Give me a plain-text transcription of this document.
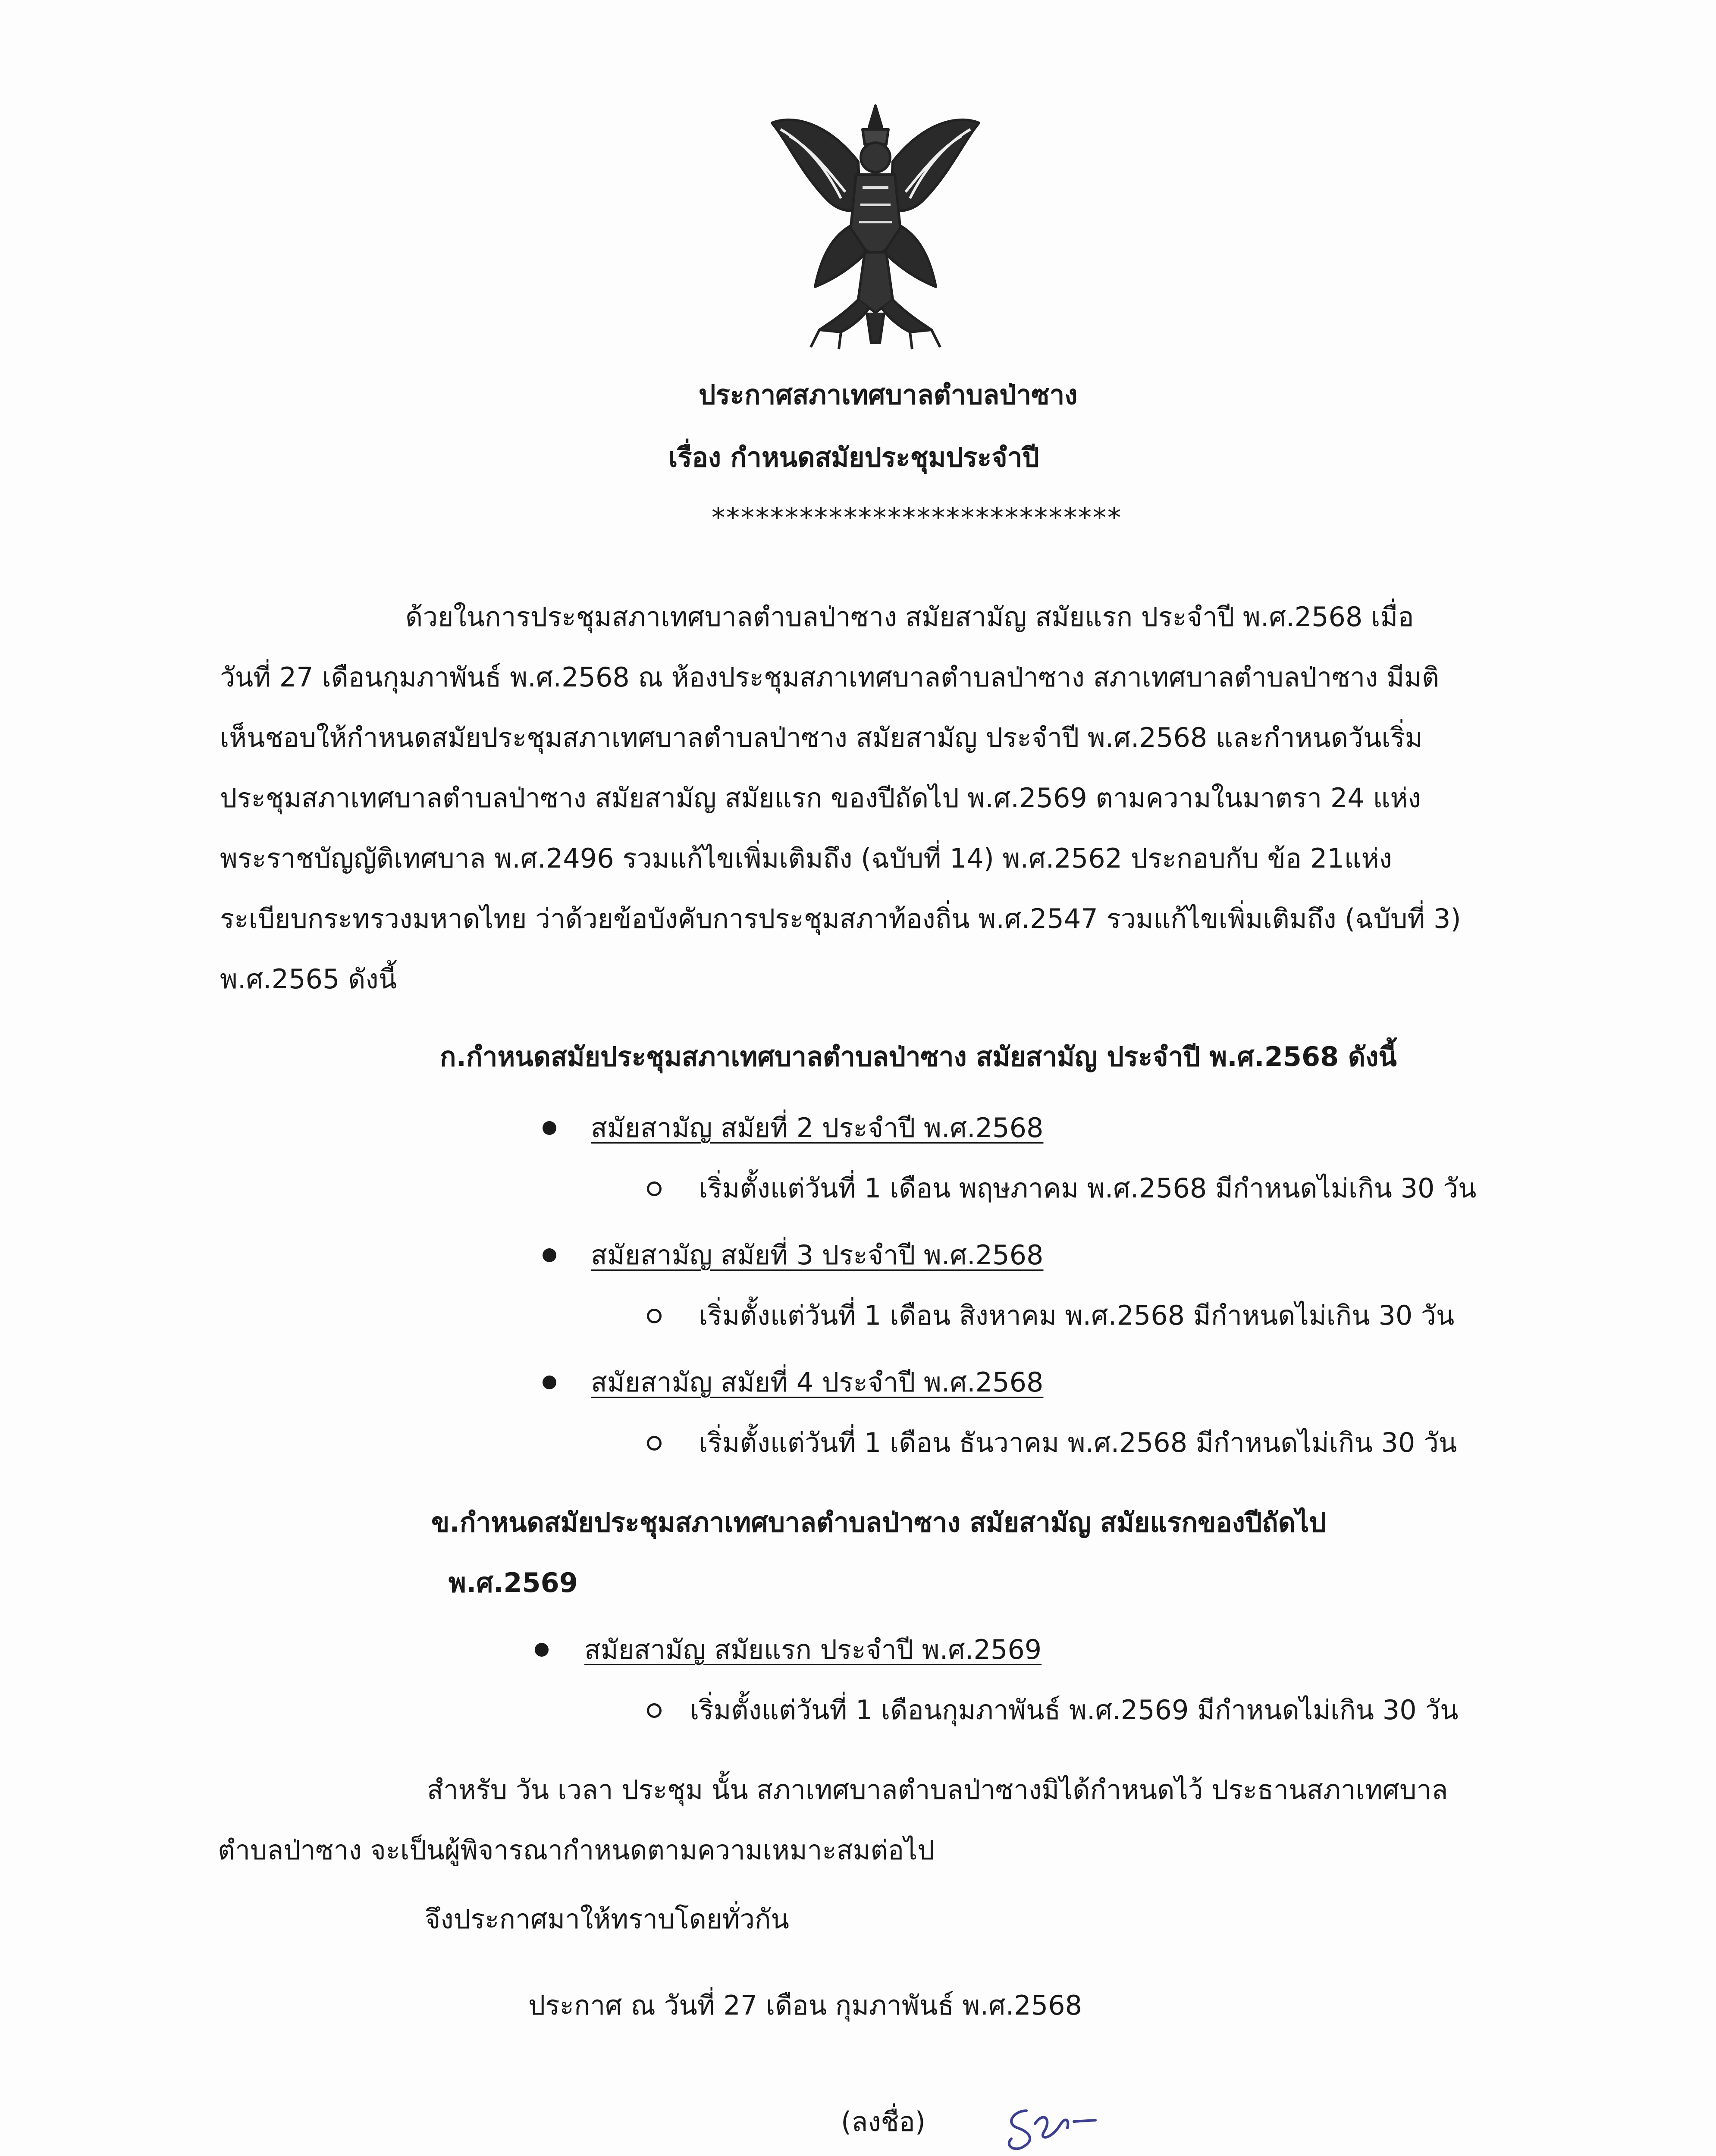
ประกาศสภาเทศบาลตำบลป่าซาง
เรื่อง กำหนดสมัยประชุมประจำปี
****************************
ด้วยในการประชุมสภาเทศบาลตำบลป่าซาง สมัยสามัญ สมัยแรก ประจำปี พ.ศ.2568 เมื่อ
วันที่ 27 เดือนกุมภาพันธ์ พ.ศ.2568 ณ ห้องประชุมสภาเทศบาลตำบลป่าซาง สภาเทศบาลตำบลป่าซาง มีมติ
เห็นชอบให้กำหนดสมัยประชุมสภาเทศบาลตำบลป่าซาง สมัยสามัญ ประจำปี พ.ศ.2568 และกำหนดวันเริ่ม
ประชุมสภาเทศบาลตำบลป่าซาง สมัยสามัญ สมัยแรก ของปีถัดไป พ.ศ.2569 ตามความในมาตรา 24 แห่ง
พระราชบัญญัติเทศบาล พ.ศ.2496 รวมแก้ไขเพิ่มเติมถึง (ฉบับที่ 14) พ.ศ.2562 ประกอบกับ ข้อ 21แห่ง
ระเบียบกระทรวงมหาดไทย ว่าด้วยข้อบังคับการประชุมสภาท้องถิ่น พ.ศ.2547 รวมแก้ไขเพิ่มเติมถึง (ฉบับที่ 3)
พ.ศ.2565 ดังนี้
ก.กำหนดสมัยประชุมสภาเทศบาลตำบลป่าซาง สมัยสามัญ ประจำปี พ.ศ.2568 ดังนี้
สมัยสามัญ สมัยที่ 2 ประจำปี พ.ศ.2568
เริ่มตั้งแต่วันที่ 1 เดือน พฤษภาคม พ.ศ.2568 มีกำหนดไม่เกิน 30 วัน
สมัยสามัญ สมัยที่ 3 ประจำปี พ.ศ.2568
เริ่มตั้งแต่วันที่ 1 เดือน สิงหาคม พ.ศ.2568 มีกำหนดไม่เกิน 30 วัน
สมัยสามัญ สมัยที่ 4 ประจำปี พ.ศ.2568
เริ่มตั้งแต่วันที่ 1 เดือน ธันวาคม พ.ศ.2568 มีกำหนดไม่เกิน 30 วัน
ข.กำหนดสมัยประชุมสภาเทศบาลตำบลป่าซาง สมัยสามัญ สมัยแรกของปีถัดไป
พ.ศ.2569
สมัยสามัญ สมัยแรก ประจำปี พ.ศ.2569
เริ่มตั้งแต่วันที่ 1 เดือนกุมภาพันธ์ พ.ศ.2569 มีกำหนดไม่เกิน 30 วัน
สำหรับ วัน เวลา ประชุม นั้น สภาเทศบาลตำบลป่าซางมิได้กำหนดไว้ ประธานสภาเทศบาล
ตำบลป่าซาง จะเป็นผู้พิจารณากำหนดตามความเหมาะสมต่อไป
จึงประกาศมาให้ทราบโดยทั่วกัน
ประกาศ ณ วันที่ 27 เดือน กุมภาพันธ์ พ.ศ.2568
(ลงชื่อ)
